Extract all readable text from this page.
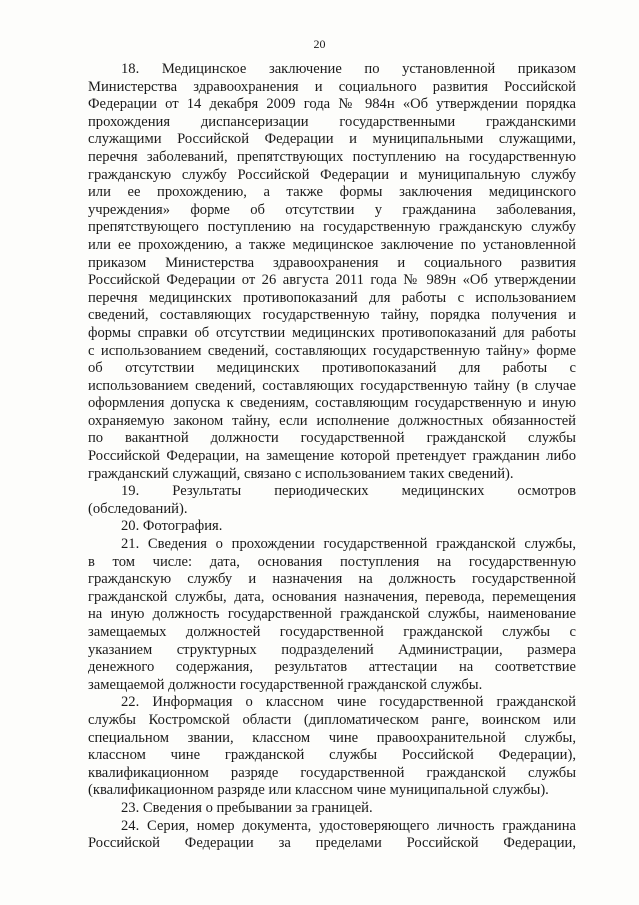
20
18. Медицинское заключение по установленной приказом
Министерства здравоохранения и социального развития Российской
Федерации от 14 декабря 2009 года № 984н «Об утверждении порядка
прохождения диспансеризации государственными гражданскими
служащими Российской Федерации и муниципальными служащими,
перечня заболеваний, препятствующих поступлению на государственную
гражданскую службу Российской Федерации и муниципальную службу
или ее прохождению, а также формы заключения медицинского
учреждения» форме об отсутствии у гражданина заболевания,
препятствующего поступлению на государственную гражданскую службу
или ее прохождению, а также медицинское заключение по установленной
приказом Министерства здравоохранения и социального развития
Российской Федерации от 26 августа 2011 года № 989н «Об утверждении
перечня медицинских противопоказаний для работы с использованием
сведений, составляющих государственную тайну, порядка получения и
формы справки об отсутствии медицинских противопоказаний для работы
с использованием сведений, составляющих государственную тайну» форме
об отсутствии медицинских противопоказаний для работы с
использованием сведений, составляющих государственную тайну (в случае
оформления допуска к сведениям, составляющим государственную и иную
охраняемую законом тайну, если исполнение должностных обязанностей
по вакантной должности государственной гражданской службы
Российской Федерации, на замещение которой претендует гражданин либо
гражданский служащий, связано с использованием таких сведений).
19. Результаты периодических медицинских осмотров
(обследований).
20. Фотография.
21. Сведения о прохождении государственной гражданской службы,
в том числе: дата, основания поступления на государственную
гражданскую службу и назначения на должность государственной
гражданской службы, дата, основания назначения, перевода, перемещения
на иную должность государственной гражданской службы, наименование
замещаемых должностей государственной гражданской службы с
указанием структурных подразделений Администрации, размера
денежного содержания, результатов аттестации на соответствие
замещаемой должности государственной гражданской службы.
22. Информация о классном чине государственной гражданской
службы Костромской области (дипломатическом ранге, воинском или
специальном звании, классном чине правоохранительной службы,
классном чине гражданской службы Российской Федерации),
квалификационном разряде государственной гражданской службы
(квалификационном разряде или классном чине муниципальной службы).
23. Сведения о пребывании за границей.
24. Серия, номер документа, удостоверяющего личность гражданина
Российской Федерации за пределами Российской Федерации,
